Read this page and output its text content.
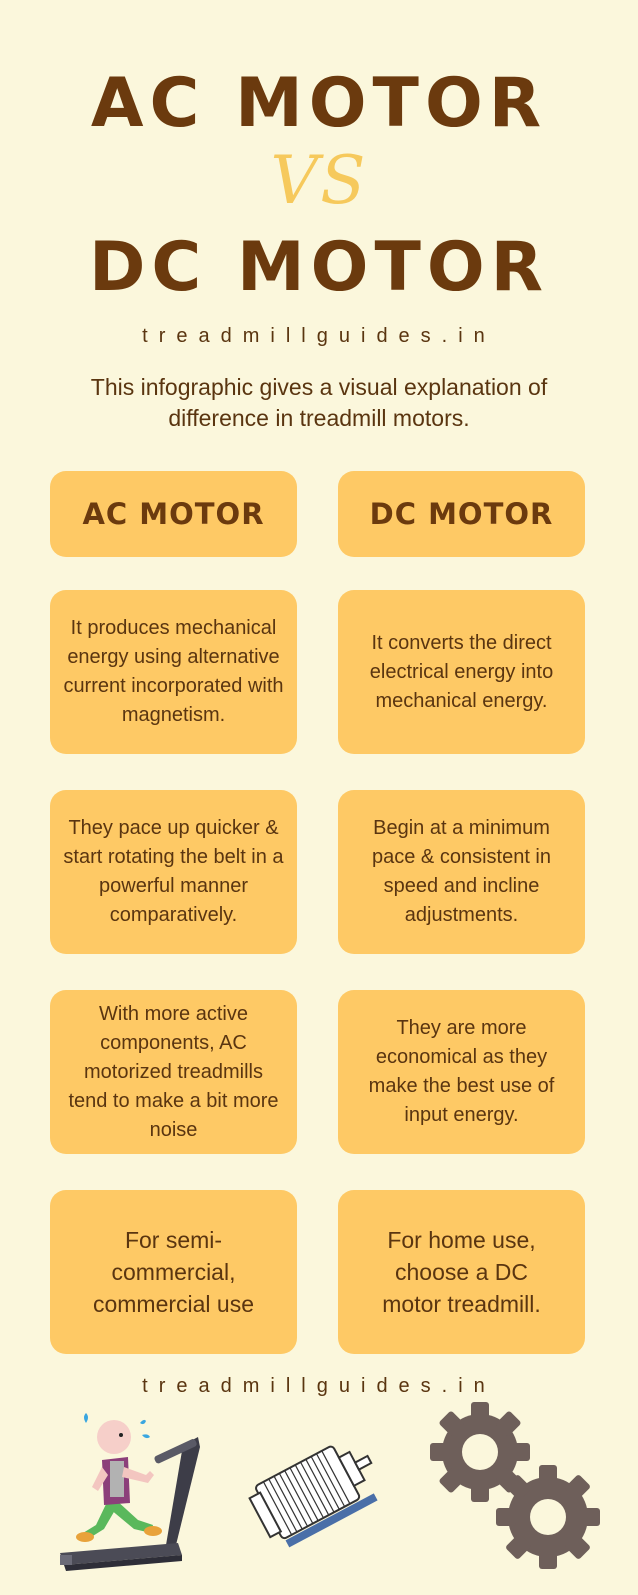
AC MOTOR
VS
DC MOTOR
treadmillguides.in
This infographic gives a visual explanation of difference in treadmill motors.
AC MOTOR	DC MOTOR
It produces mechanical energy using alternative current incorporated with magnetism.
It converts the direct electrical energy into mechanical energy.
They pace up quicker & start rotating the belt in a powerful manner comparatively.
Begin at a minimum pace & consistent in speed and incline adjustments.
With more active components, AC motorized treadmills tend to make a bit more noise
They are more economical as they make the best use of input energy.
For semi-commercial, commercial use
For home use, choose a DC motor treadmill.
treadmillguides.in
